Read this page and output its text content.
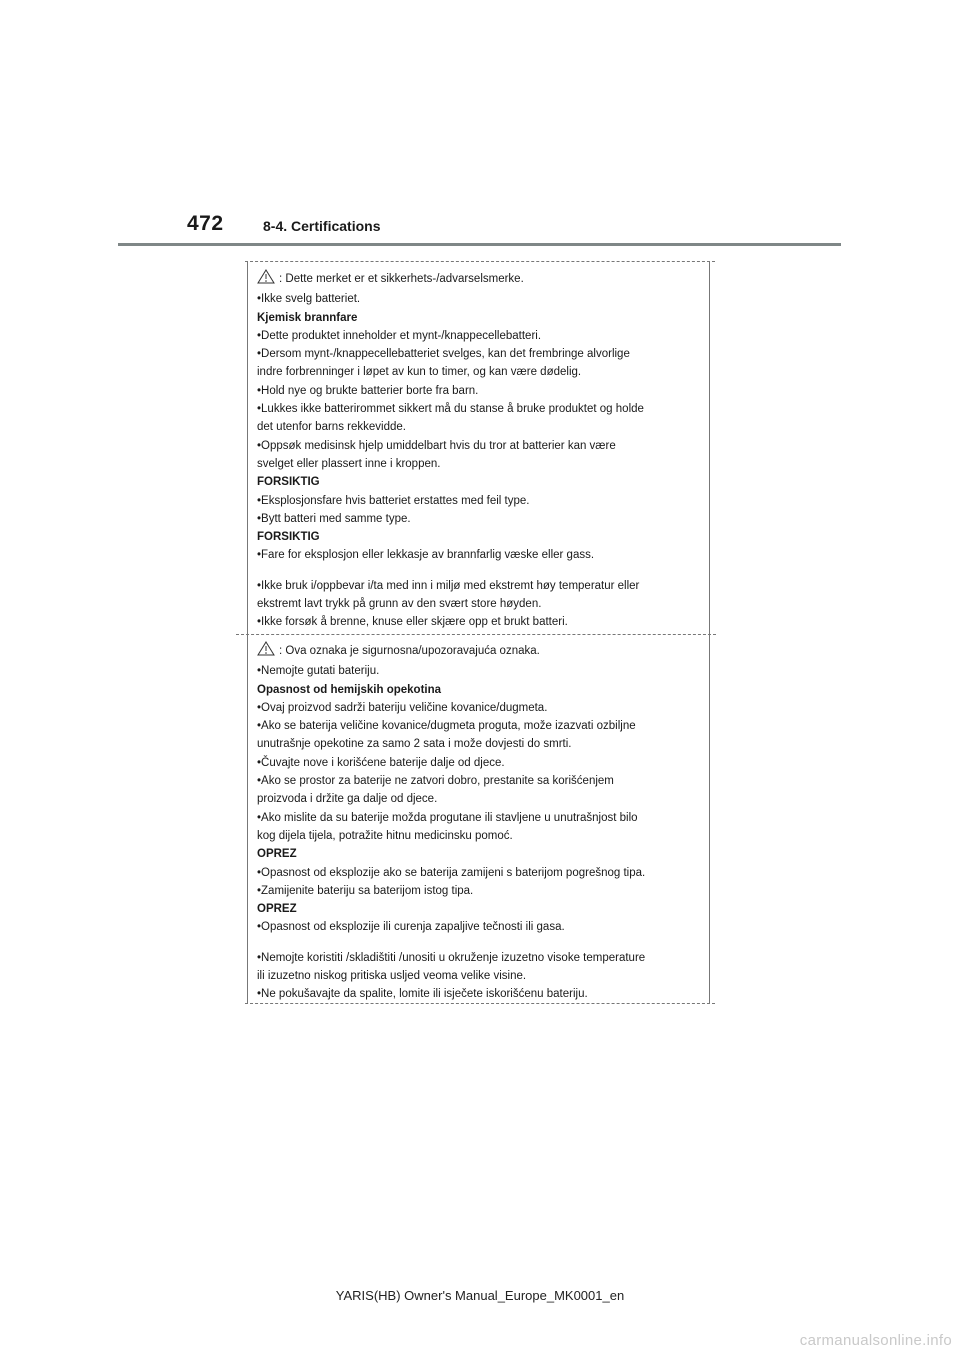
472	8-4. Certifications
: Dette merket er et sikkerhets-/advarselsmerke.
•Ikke svelg batteriet.
Kjemisk brannfare
•Dette produktet inneholder et mynt-/knappecellebatteri.
•Dersom mynt-/knappecellebatteriet svelges, kan det frembringe alvorlige
indre forbrenninger i løpet av kun to timer, og kan være dødelig.
•Hold nye og brukte batterier borte fra barn.
•Lukkes ikke batterirommet sikkert må du stanse å bruke produktet og holde
det utenfor barns rekkevidde.
•Oppsøk medisinsk hjelp umiddelbart hvis du tror at batterier kan være
svelget eller plassert inne i kroppen.
FORSIKTIG
•Eksplosjonsfare hvis batteriet erstattes med feil type.
•Bytt batteri med samme type.
FORSIKTIG
•Fare for eksplosjon eller lekkasje av brannfarlig væske eller gass.
•Ikke bruk i/oppbevar i/ta med inn i miljø med ekstremt høy temperatur eller
ekstremt lavt trykk på grunn av den svært store høyden.
•Ikke forsøk å brenne, knuse eller skjære opp et brukt batteri.
: Ova oznaka je sigurnosna/upozoravajuća oznaka.
•Nemojte gutati bateriju.
Opasnost od hemijskih opekotina
•Ovaj proizvod sadrži bateriju veličine kovanice/dugmeta.
•Ako se baterija veličine kovanice/dugmeta proguta, može izazvati ozbiljne
unutrašnje opekotine za samo 2 sata i može dovjesti do smrti.
•Čuvajte nove i korišćene baterije dalje od djece.
•Ako se prostor za baterije ne zatvori dobro, prestanite sa korišćenjem
proizvoda i držite ga dalje od djece.
•Ako mislite da su baterije možda progutane ili stavljene u unutrašnjost bilo
kog dijela tijela, potražite hitnu medicinsku pomoć.
OPREZ
•Opasnost od eksplozije ako se baterija zamijeni s baterijom pogrešnog tipa.
•Zamijenite bateriju sa baterijom istog tipa.
OPREZ
•Opasnost od eksplozije ili curenja zapaljive tečnosti ili gasa.
•Nemojte koristiti /skladištiti /unositi u okruženje izuzetno visoke temperature
ili izuzetno niskog pritiska usljed veoma velike visine.
•Ne pokušavajte da spalite, lomite ili isječete iskorišćenu bateriju.
YARIS(HB) Owner's Manual_Europe_MK0001_en
carmanualsonline.info
